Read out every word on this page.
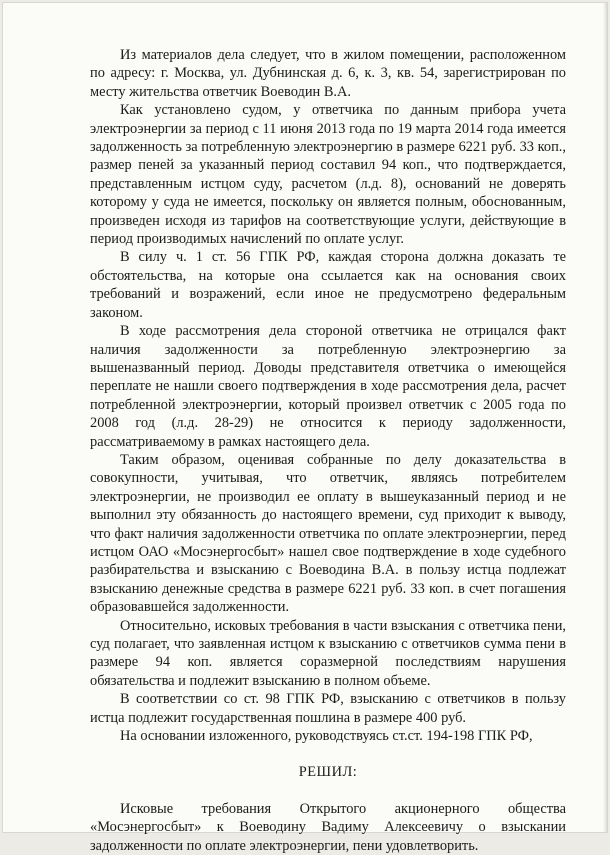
Из материалов дела следует, что в жилом помещении, расположенном по адресу: г. Москва, ул. Дубнинская д. 6, к. 3, кв. 54, зарегистрирован по месту жительства ответчик Воеводин В.А.

Как установлено судом, у ответчика по данным прибора учета электроэнергии за период с 11 июня 2013 года по 19 марта 2014 года имеется задолженность за потребленную электроэнергию в размере 6221 руб. 33 коп., размер пеней за указанный период составил 94 коп., что подтверждается, представленным истцом суду, расчетом (л.д. 8), оснований не доверять которому у суда не имеется, поскольку он является полным, обоснованным, произведен исходя из тарифов на соответствующие услуги, действующие в период производимых начислений по оплате услуг.

В силу ч. 1 ст. 56 ГПК РФ, каждая сторона должна доказать те обстоятельства, на которые она ссылается как на основания своих требований и возражений, если иное не предусмотрено федеральным законом.

В ходе рассмотрения дела стороной ответчика не отрицался факт наличия задолженности за потребленную электроэнергию за вышеназванный период. Доводы представителя ответчика о имеющейся переплате не нашли своего подтверждения в ходе рассмотрения дела, расчет потребленной электроэнергии, который произвел ответчик с 2005 года по 2008 год (л.д. 28-29) не относится к периоду задолженности, рассматриваемому в рамках настоящего дела.

Таким образом, оценивая собранные по делу доказательства в совокупности, учитывая, что ответчик, являясь потребителем электроэнергии, не производил ее оплату в вышеуказанный период и не выполнил эту обязанность до настоящего времени, суд приходит к выводу, что факт наличия задолженности ответчика по оплате электроэнергии, перед истцом ОАО «Мосэнергосбыт» нашел свое подтверждение в ходе судебного разбирательства и взысканию с Воеводина В.А. в пользу истца подлежат взысканию денежные средства в размере 6221 руб. 33 коп. в счет погашения образовавшейся задолженности.

Относительно, исковых требования в части взыскания с ответчика пени, суд полагает, что заявленная истцом к взысканию с ответчиков сумма пени в размере 94 коп. является соразмерной последствиям нарушения обязательства и подлежит взысканию в полном объеме.

В соответствии со ст. 98 ГПК РФ, взысканию с ответчиков в пользу истца подлежит государственная пошлина в размере 400 руб.

На основании изложенного, руководствуясь ст.ст. 194-198 ГПК РФ,

РЕШИЛ:

Исковые требования Открытого акционерного общества «Мосэнергосбыт» к Воеводину Вадиму Алексеевичу о взыскании задолженности по оплате электроэнергии, пени удовлетворить.
